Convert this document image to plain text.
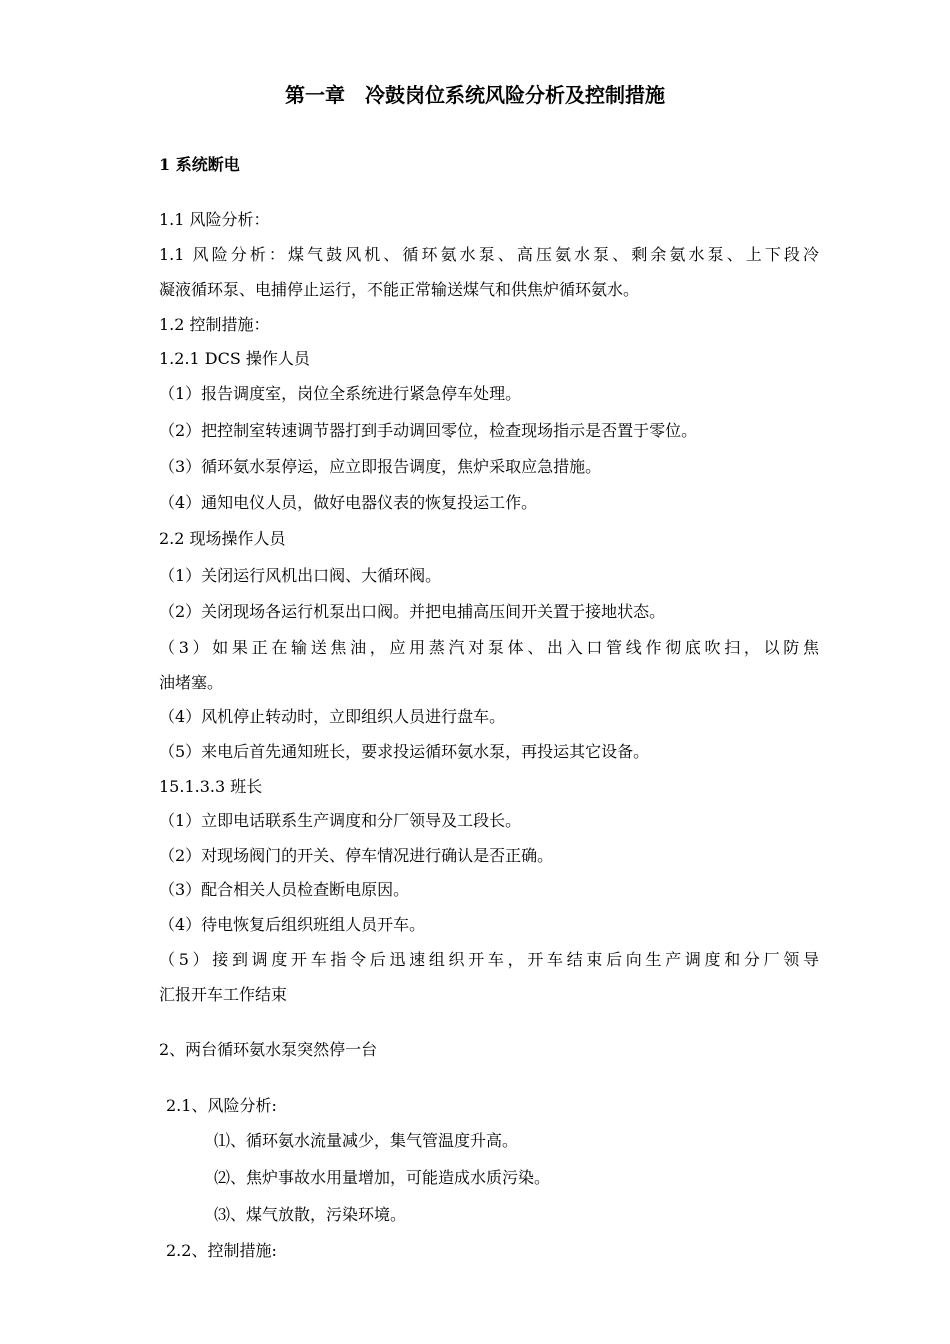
第一章　冷鼓岗位系统风险分析及控制措施
1 系统断电
1.1 风险分析：
1.1 风险分析：煤气鼓风机、循环氨水泵、高压氨水泵、剩余氨水泵、上下段冷
凝液循环泵、电捕停止运行，不能正常输送煤气和供焦炉循环氨水。
1.2 控制措施：
1.2.1 DCS 操作人员
（1）报告调度室，岗位全系统进行紧急停车处理。
（2）把控制室转速调节器打到手动调回零位，检查现场指示是否置于零位。
（3）循环氨水泵停运，应立即报告调度，焦炉采取应急措施。
（4）通知电仪人员，做好电器仪表的恢复投运工作。
2.2 现场操作人员
（1）关闭运行风机出口阀、大循环阀。
（2）关闭现场各运行机泵出口阀。并把电捕高压间开关置于接地状态。
（3）如果正在输送焦油，应用蒸汽对泵体、出入口管线作彻底吹扫，以防焦
油堵塞。
（4）风机停止转动时，立即组织人员进行盘车。
（5）来电后首先通知班长，要求投运循环氨水泵，再投运其它设备。
15.1.3.3 班长
（1）立即电话联系生产调度和分厂领导及工段长。
（2）对现场阀门的开关、停车情况进行确认是否正确。
（3）配合相关人员检查断电原因。
（4）待电恢复后组织班组人员开车。
（5）接到调度开车指令后迅速组织开车，开车结束后向生产调度和分厂领导
汇报开车工作结束
2、两台循环氨水泵突然停一台
2.1、风险分析:
⑴、循环氨水流量减少，集气管温度升高。
⑵、焦炉事故水用量增加，可能造成水质污染。
⑶、煤气放散，污染环境。
2.2、控制措施:
